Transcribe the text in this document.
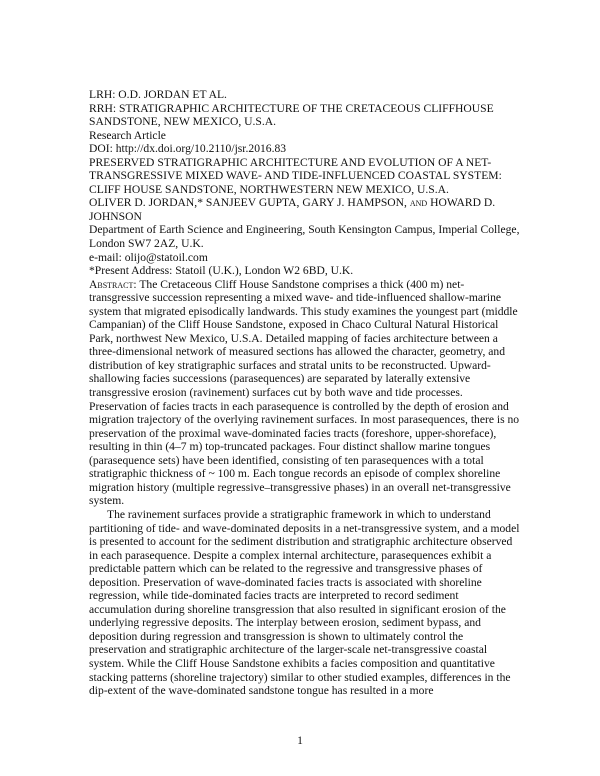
LRH: O.D. JORDAN ET AL.
RRH: STRATIGRAPHIC ARCHITECTURE OF THE CRETACEOUS CLIFFHOUSE SANDSTONE, NEW MEXICO, U.S.A.
Research Article
DOI: http://dx.doi.org/10.2110/jsr.2016.83
PRESERVED STRATIGRAPHIC ARCHITECTURE AND EVOLUTION OF A NET-TRANSGRESSIVE MIXED WAVE- AND TIDE-INFLUENCED COASTAL SYSTEM: CLIFF HOUSE SANDSTONE, NORTHWESTERN NEW MEXICO, U.S.A.
OLIVER D. JORDAN,* SANJEEV GUPTA, GARY J. HAMPSON, and HOWARD D. JOHNSON
Department of Earth Science and Engineering, South Kensington Campus, Imperial College, London SW7 2AZ, U.K.
e-mail: olijo@statoil.com
*Present Address: Statoil (U.K.), London W2 6BD, U.K.
Abstract: The Cretaceous Cliff House Sandstone comprises a thick (400 m) net-transgressive succession representing a mixed wave- and tide-influenced shallow-marine system that migrated episodically landwards. This study examines the youngest part (middle Campanian) of the Cliff House Sandstone, exposed in Chaco Cultural Natural Historical Park, northwest New Mexico, U.S.A. Detailed mapping of facies architecture between a three-dimensional network of measured sections has allowed the character, geometry, and distribution of key stratigraphic surfaces and stratal units to be reconstructed. Upward-shallowing facies successions (parasequences) are separated by laterally extensive transgressive erosion (ravinement) surfaces cut by both wave and tide processes. Preservation of facies tracts in each parasequence is controlled by the depth of erosion and migration trajectory of the overlying ravinement surfaces. In most parasequences, there is no preservation of the proximal wave-dominated facies tracts (foreshore, upper-shoreface), resulting in thin (4–7 m) top-truncated packages. Four distinct shallow marine tongues (parasequence sets) have been identified, consisting of ten parasequences with a total stratigraphic thickness of ~ 100 m. Each tongue records an episode of complex shoreline migration history (multiple regressive–transgressive phases) in an overall net-transgressive system.
The ravinement surfaces provide a stratigraphic framework in which to understand partitioning of tide- and wave-dominated deposits in a net-transgressive system, and a model is presented to account for the sediment distribution and stratigraphic architecture observed in each parasequence. Despite a complex internal architecture, parasequences exhibit a predictable pattern which can be related to the regressive and transgressive phases of deposition. Preservation of wave-dominated facies tracts is associated with shoreline regression, while tide-dominated facies tracts are interpreted to record sediment accumulation during shoreline transgression that also resulted in significant erosion of the underlying regressive deposits. The interplay between erosion, sediment bypass, and deposition during regression and transgression is shown to ultimately control the preservation and stratigraphic architecture of the larger-scale net-transgressive coastal system. While the Cliff House Sandstone exhibits a facies composition and quantitative stacking patterns (shoreline trajectory) similar to other studied examples, differences in the dip-extent of the wave-dominated sandstone tongue has resulted in a more
1
